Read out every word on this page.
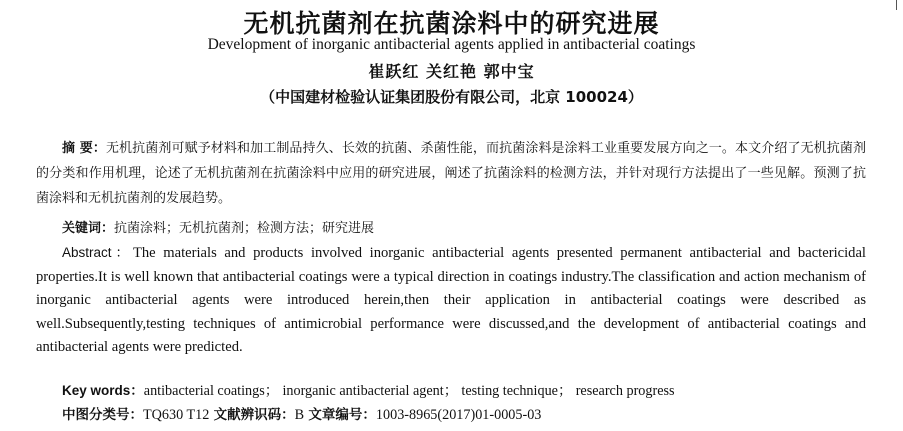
无机抗菌剂在抗菌涂料中的研究进展
Development of inorganic antibacterial agents applied in antibacterial coatings
崔跃红 关红艳 郭中宝
（中国建材检验认证集团股份有限公司，北京 100024）
摘 要：无机抗菌剂可赋予材料和加工制品持久、长效的抗菌、杀菌性能，而抗菌涂料是涂料工业重要发展方向之一。本文介绍了无机抗菌剂的分类和作用机理，论述了无机抗菌剂在抗菌涂料中应用的研究进展，阐述了抗菌涂料的检测方法，并针对现行方法提出了一些见解。预测了抗菌涂料和无机抗菌剂的发展趋势。
关键词：抗菌涂料；无机抗菌剂；检测方法；研究进展
Abstract：The materials and products involved inorganic antibacterial agents presented permanent antibacterial and bactericidal properties.It is well known that antibacterial coatings were a typical direction in coatings industry.The classification and action mechanism of inorganic antibacterial agents were introduced herein,then their application in antibacterial coatings were described as well.Subsequently,testing techniques of antimicrobial performance were discussed,and the development of antibacterial coatings and antibacterial agents were predicted.
Key words：antibacterial coatings； inorganic antibacterial agent； testing technique； research progress
中图分类号：TQ630 T12 文献辨识码：B 文章编号：1003-8965(2017)01-0005-03
